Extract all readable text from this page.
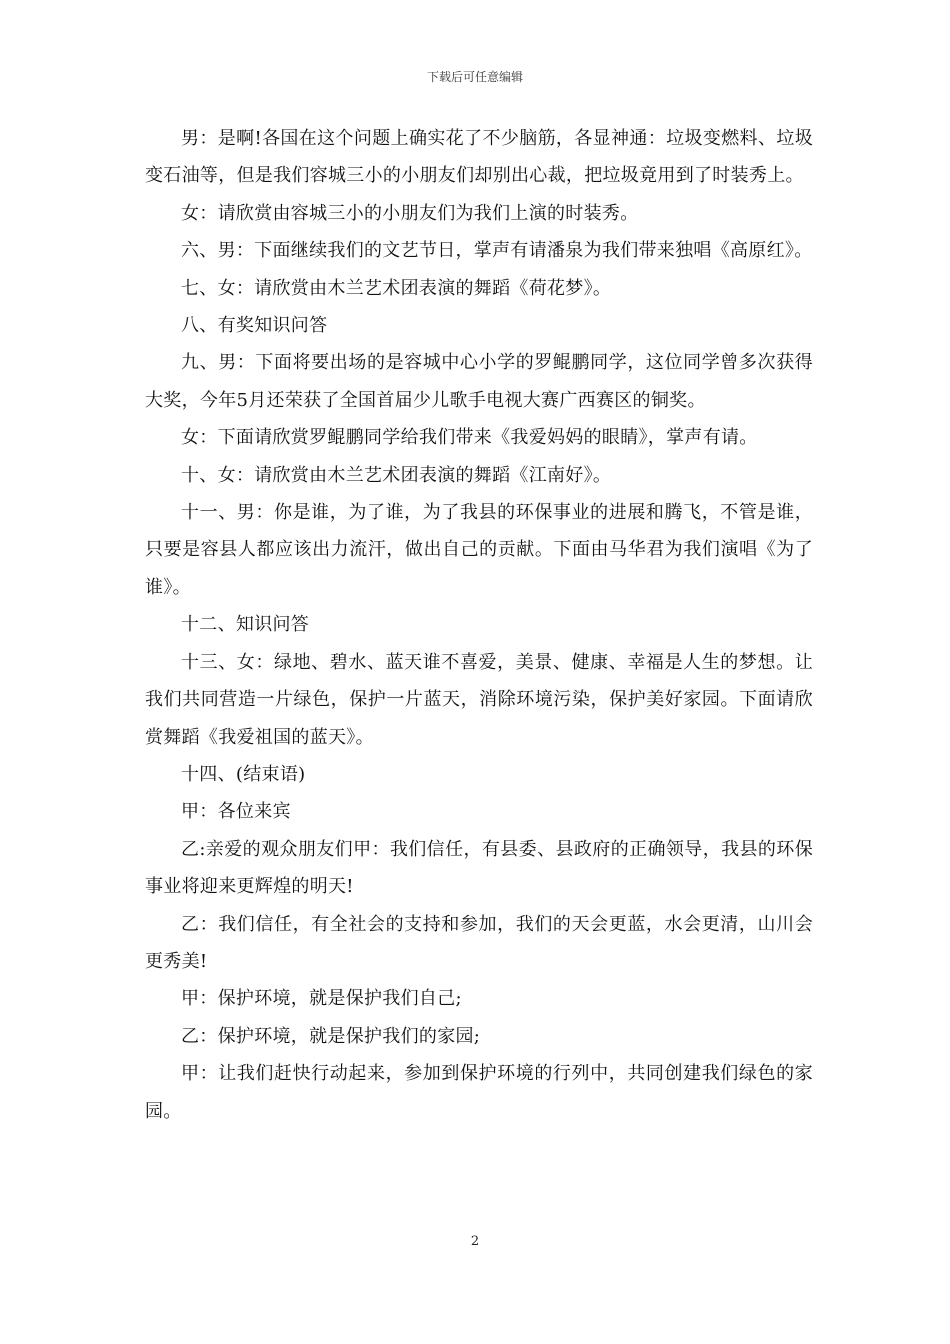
下载后可任意编辑

男：是啊!各国在这个问题上确实花了不少脑筋，各显神通：垃圾变燃料、垃圾变石油等，但是我们容城三小的小朋友们却别出心裁，把垃圾竟用到了时装秀上。

女：请欣赏由容城三小的小朋友们为我们上演的时装秀。

六、男：下面继续我们的文艺节日，掌声有请潘泉为我们带来独唱《高原红》。

七、女：请欣赏由木兰艺术团表演的舞蹈《荷花梦》。

八、有奖知识问答

九、男：下面将要出场的是容城中心小学的罗鲲鹏同学，这位同学曾多次获得大奖，今年5月还荣获了全国首届少儿歌手电视大赛广西赛区的铜奖。

女：下面请欣赏罗鲲鹏同学给我们带来《我爱妈妈的眼睛》，掌声有请。

十、女：请欣赏由木兰艺术团表演的舞蹈《江南好》。

十一、男：你是谁，为了谁，为了我县的环保事业的进展和腾飞，不管是谁，只要是容县人都应该出力流汗，做出自己的贡献。下面由马华君为我们演唱《为了谁》。

十二、知识问答

十三、女：绿地、碧水、蓝天谁不喜爱，美景、健康、幸福是人生的梦想。让我们共同营造一片绿色，保护一片蓝天，消除环境污染，保护美好家园。下面请欣赏舞蹈《我爱祖国的蓝天》。

十四、(结束语)

甲：各位来宾

乙:亲爱的观众朋友们甲：我们信任，有县委、县政府的正确领导，我县的环保事业将迎来更辉煌的明天!

乙：我们信任，有全社会的支持和参加，我们的天会更蓝，水会更清，山川会更秀美!

甲：保护环境，就是保护我们自己;

乙：保护环境，就是保护我们的家园;

甲：让我们赶快行动起来，参加到保护环境的行列中，共同创建我们绿色的家园。

2
